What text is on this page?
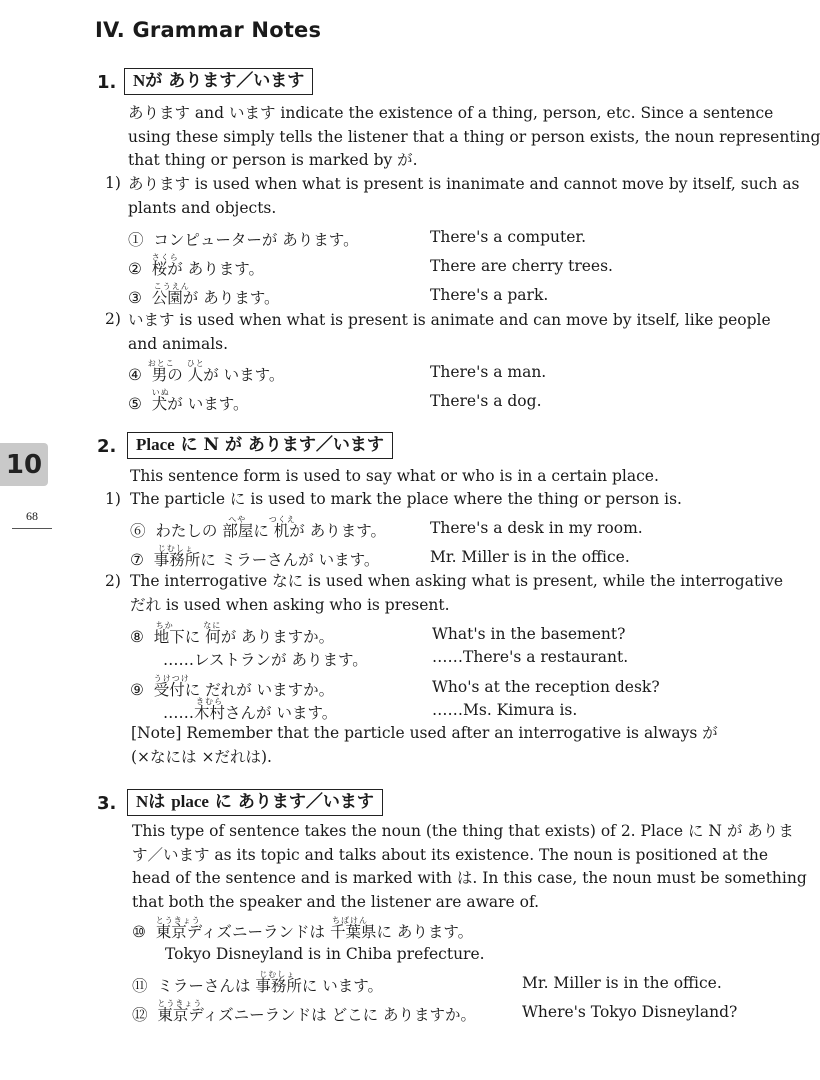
IV. Grammar Notes
10
68
1. Nが あります／います
あります and います indicate the existence of a thing, person, etc. Since a sentence
using these simply tells the listener that a thing or person exists, the noun representing
that thing or person is marked by が.
1) あります is used when what is present is inanimate and cannot move by itself, such as
plants and objects.
① コンピューターが あります。	There's a computer.
②
さくら
桜が あります。	There are cherry trees.
③
こうえん
公園が あります。	There's a park.
2) います is used when what is present is animate and can move by itself, like people
and animals.
④
おとこ
男の
ひと
人が います。	There's a man.
⑤
いぬ
犬が います。	There's a dog.
2.	Place に N が あります／います
This sentence form is used to say what or who is in a certain place.
1) The particle に is used to mark the place where the thing or person is.
⑥ わたしの
へや
部屋に
つくえ
机が あります。	There's a desk in my room.
⑦
じむしょ
事務所に ミラーさんが います。	Mr. Miller is in the office.
2) The interrogative なに is used when asking what is present, while the interrogative
だれ is used when asking who is present.
⑧
ちか
地下に
なに
何が ありますか。	What's in the basement?
……レストランが あります。	……There's a restaurant.
⑨
うけつけ
受付に だれが いますか。	Who's at the reception desk?
……
きむら
木村さんが います。	……Ms. Kimura is.
[Note] Remember that the particle used after an interrogative is always が
(×なには ×だれは).
3.	Nは place に あります／います
This type of sentence takes the noun (the thing that exists) of 2. Place に N が ありま
す／います as its topic and talks about its existence. The noun is positioned at the
head of the sentence and is marked with は. In this case, the noun must be something
that both the speaker and the listener are aware of.
⑩
とうきょう
東京ディズニーランドは
ちばけん
千葉県に あります。
Tokyo Disneyland is in Chiba prefecture.
⑪ ミラーさんは
じむしょ
事務所に います。	Mr. Miller is in the office.
⑫
とうきょう
東京ディズニーランドは どこに ありますか。	Where's Tokyo Disneyland?
